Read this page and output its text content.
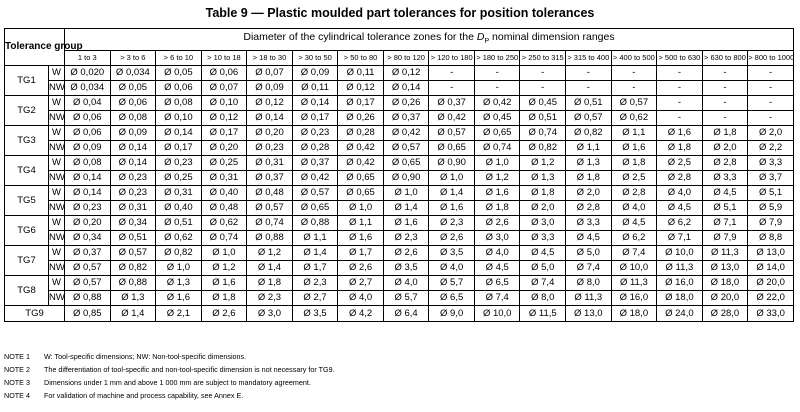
Table 9 — Plastic moulded part tolerances for position tolerances
Tolerance group		Diameter of the cylindrical tolerance zones for the $D_P$ nominal dimension ranges															
		1 to 3	> 3 to 6	> 6 to 10	> 10 to 18	> 18 to 30	> 30 to 50	> 50 to 80	> 80 to 120	> 120 to 180	> 180 to 250	> 250 to 315	> 315 to 400	> 400 to 500	> 500 to 630	> 630 to 800	> 800 to 1000
TG1	W	Ø 0,020	Ø 0,034	Ø 0,05	Ø 0,06	Ø 0,07	Ø 0,09	Ø 0,11	Ø 0,12	-	-	-	-	-	-	-	-
	NW	Ø 0,034	Ø 0,05	Ø 0,06	Ø 0,07	Ø 0,09	Ø 0,11	Ø 0,12	Ø 0,14	-	-	-	-	-	-	-	-
TG2	W	Ø 0,04	Ø 0,06	Ø 0,08	Ø 0,10	Ø 0,12	Ø 0,14	Ø 0,17	Ø 0,26	Ø 0,37	Ø 0,42	Ø 0,45	Ø 0,51	Ø 0,57	-	-	-
	NW	Ø 0,06	Ø 0,08	Ø 0,10	Ø 0,12	Ø 0,14	Ø 0,17	Ø 0,26	Ø 0,37	Ø 0,42	Ø 0,45	Ø 0,51	Ø 0,57	Ø 0,62	-	-	-
TG3	W	Ø 0,06	Ø 0,09	Ø 0,14	Ø 0,17	Ø 0,20	Ø 0,23	Ø 0,28	Ø 0,42	Ø 0,57	Ø 0,65	Ø 0,74	Ø 0,82	Ø 1,1	Ø 1,6	Ø 1,8	Ø 2,0
	NW	Ø 0,09	Ø 0,14	Ø 0,17	Ø 0,20	Ø 0,23	Ø 0,28	Ø 0,42	Ø 0,57	Ø 0,65	Ø 0,74	Ø 0,82	Ø 1,1	Ø 1,6	Ø 1,8	Ø 2,0	Ø 2,2
TG4	W	Ø 0,08	Ø 0,14	Ø 0,23	Ø 0,25	Ø 0,31	Ø 0,37	Ø 0,42	Ø 0,65	Ø 0,90	Ø 1,0	Ø 1,2	Ø 1,3	Ø 1,8	Ø 2,5	Ø 2,8	Ø 3,3
	NW	Ø 0,14	Ø 0,23	Ø 0,25	Ø 0,31	Ø 0,37	Ø 0,42	Ø 0,65	Ø 0,90	Ø 1,0	Ø 1,2	Ø 1,3	Ø 1,8	Ø 2,5	Ø 2,8	Ø 3,3	Ø 3,7
TG5	W	Ø 0,14	Ø 0,23	Ø 0,31	Ø 0,40	Ø 0,48	Ø 0,57	Ø 0,65	Ø 1,0	Ø 1,4	Ø 1,6	Ø 1,8	Ø 2,0	Ø 2,8	Ø 4,0	Ø 4,5	Ø 5,1
	NW	Ø 0,23	Ø 0,31	Ø 0,40	Ø 0,48	Ø 0,57	Ø 0,65	Ø 1,0	Ø 1,4	Ø 1,6	Ø 1,8	Ø 2,0	Ø 2,8	Ø 4,0	Ø 4,5	Ø 5,1	Ø 5,9
TG6	W	Ø 0,20	Ø 0,34	Ø 0,51	Ø 0,62	Ø 0,74	Ø 0,88	Ø 1,1	Ø 1,6	Ø 2,3	Ø 2,6	Ø 3,0	Ø 3,3	Ø 4,5	Ø 6,2	Ø 7,1	Ø 7,9
	NW	Ø 0,34	Ø 0,51	Ø 0,62	Ø 0,74	Ø 0,88	Ø 1,1	Ø 1,6	Ø 2,3	Ø 2,6	Ø 3,0	Ø 3,3	Ø 4,5	Ø 6,2	Ø 7,1	Ø 7,9	Ø 8,8
TG7	W	Ø 0,37	Ø 0,57	Ø 0,82	Ø 1,0	Ø 1,2	Ø 1,4	Ø 1,7	Ø 2,6	Ø 3,5	Ø 4,0	Ø 4,5	Ø 5,0	Ø 7,4	Ø 10,0	Ø 11,3	Ø 13,0
	NW	Ø 0,57	Ø 0,82	Ø 1,0	Ø 1,2	Ø 1,4	Ø 1,7	Ø 2,6	Ø 3,5	Ø 4,0	Ø 4,5	Ø 5,0	Ø 7,4	Ø 10,0	Ø 11,3	Ø 13,0	Ø 14,0
TG8	W	Ø 0,57	Ø 0,88	Ø 1,3	Ø 1,6	Ø 1,8	Ø 2,3	Ø 2,7	Ø 4,0	Ø 5,7	Ø 6,5	Ø 7,4	Ø 8,0	Ø 11,3	Ø 16,0	Ø 18,0	Ø 20,0
	NW	Ø 0,88	Ø 1,3	Ø 1,6	Ø 1,8	Ø 2,3	Ø 2,7	Ø 4,0	Ø 5,7	Ø 6,5	Ø 7,4	Ø 8,0	Ø 11,3	Ø 16,0	Ø 18,0	Ø 20,0	Ø 22,0
TG9		Ø 0,85	Ø 1,4	Ø 2,1	Ø 2,6	Ø 3,0	Ø 3,5	Ø 4,2	Ø 6,4	Ø 9,0	Ø 10,0	Ø 11,5	Ø 13,0	Ø 18,0	Ø 24,0	Ø 28,0	Ø 33,0
NOTE 1 W: Tool-specific dimensions; NW: Non-tool-specific dimensions.
NOTE 2 The differentiation of tool-specific and non-tool-specific dimension is not necessary for TG9.
NOTE 3 Dimensions under 1 mm and above 1 000 mm are subject to mandatory agreement.
NOTE 4 For validation of machine and process capability, see Annex E.
